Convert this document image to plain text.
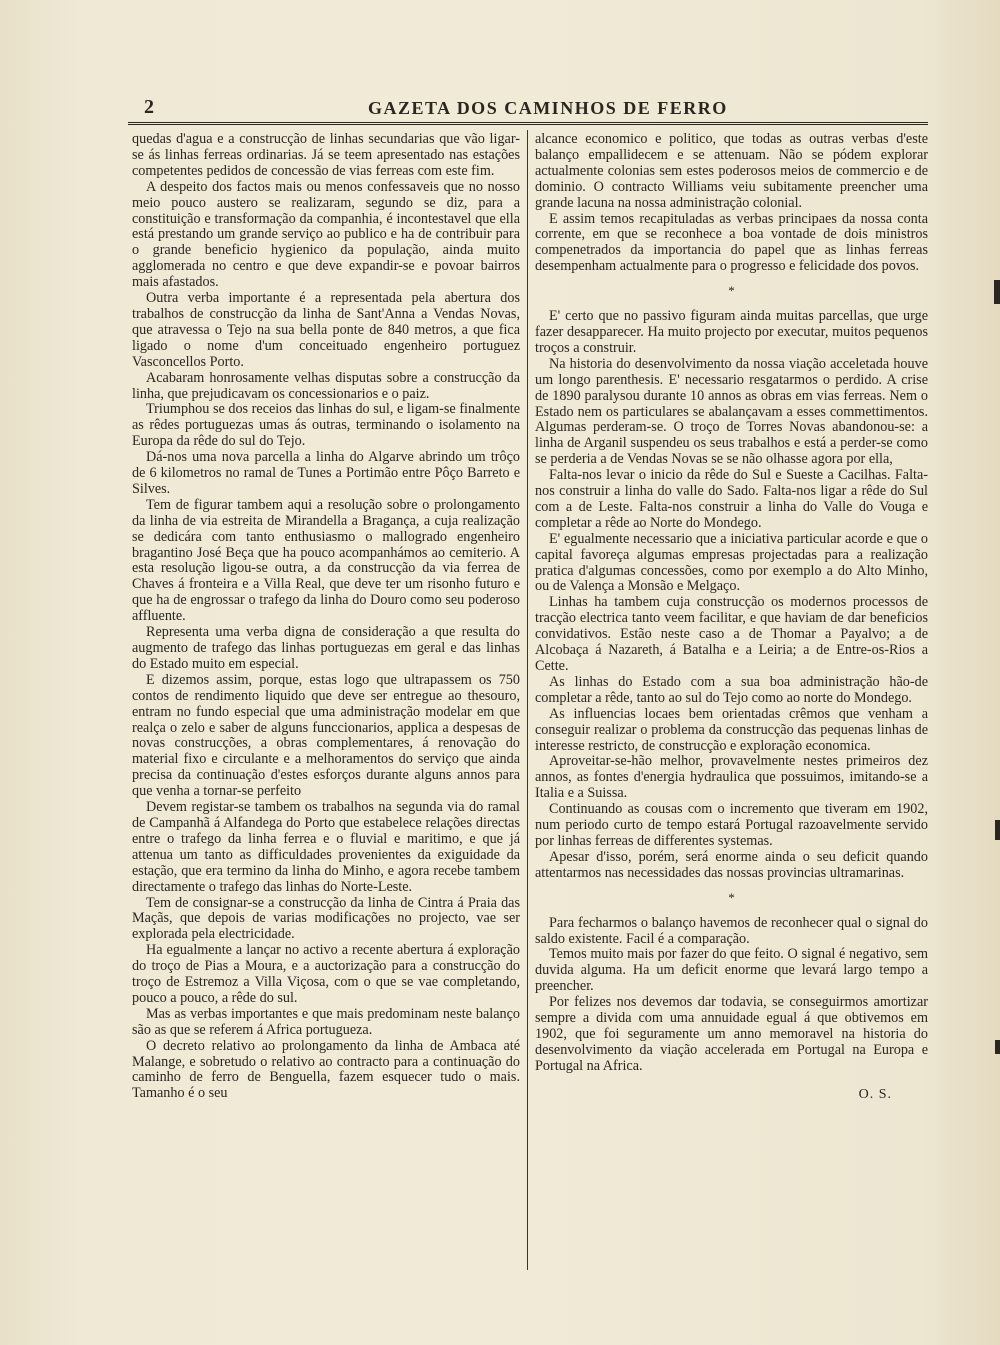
2	GAZETA DOS CAMINHOS DE FERRO

quedas d'agua e a construcção de linhas secundarias que vão ligar-se ás linhas ferreas ordinarias. Já se teem apresentado nas estações competentes pedidos de concessão de vias ferreas com este fim.

A despeito dos factos mais ou menos confessaveis que no nosso meio pouco austero se realizaram, segundo se diz, para a constituição e transformação da companhia, é incontestavel que ella está prestando um grande serviço ao publico e ha de contribuir para o grande beneficio hygienico da população, ainda muito agglomerada no centro e que deve expandir-se e povoar bairros mais afastados.

Outra verba importante é a representada pela abertura dos trabalhos de construcção da linha de Sant'Anna a Vendas Novas, que atravessa o Tejo na sua bella ponte de 840 metros, a que fica ligado o nome d'um conceituado engenheiro portuguez Vasconcellos Porto.

Acabaram honrosamente velhas disputas sobre a construcção da linha, que prejudicavam os concessionarios e o paiz.

Triumphou se dos receios das linhas do sul, e ligam-se finalmente as rêdes portuguezas umas ás outras, terminando o isolamento na Europa da rêde do sul do Tejo.

Dá-nos uma nova parcella a linha do Algarve abrindo um trôço de 6 kilometros no ramal de Tunes a Portimão entre Pôço Barreto e Silves.

Tem de figurar tambem aqui a resolução sobre o prolongamento da linha de via estreita de Mirandella a Bragança, a cuja realização se dedicára com tanto enthusiasmo o mallogrado engenheiro bragantino José Beça que ha pouco acompanhámos ao cemiterio. A esta resolução ligou-se outra, a da construcção da via ferrea de Chaves á fronteira e a Villa Real, que deve ter um risonho futuro e que ha de engrossar o trafego da linha do Douro como seu poderoso affluente.

Representa uma verba digna de consideração a que resulta do augmento de trafego das linhas portuguezas em geral e das linhas do Estado muito em especial.

E dizemos assim, porque, estas logo que ultrapassem os 750 contos de rendimento liquido que deve ser entregue ao thesouro, entram no fundo especial que uma administração modelar em que realça o zelo e saber de alguns funccionarios, applica a despesas de novas construcções, a obras complementares, á renovação do material fixo e circulante e a melhoramentos do serviço que ainda precisa da continuação d'estes esforços durante alguns annos para que venha a tornar-se perfeito

Devem registar-se tambem os trabalhos na segunda via do ramal de Campanhã á Alfandega do Porto que estabelece relações directas entre o trafego da linha ferrea e o fluvial e maritimo, e que já attenua um tanto as difficuldades provenientes da exiguidade da estação, que era termino da linha do Minho, e agora recebe tambem directamente o trafego das linhas do Norte-Leste.

Tem de consignar-se a construcção da linha de Cintra á Praia das Maçãs, que depois de varias modificações no projecto, vae ser explorada pela electricidade.

Ha egualmente a lançar no activo a recente abertura á exploração do troço de Pias a Moura, e a auctorização para a construcção do troço de Estremoz a Villa Viçosa, com o que se vae completando, pouco a pouco, a rêde do sul.

Mas as verbas importantes e que mais predominam neste balanço são as que se referem á Africa portugueza.

O decreto relativo ao prolongamento da linha de Ambaca até Malange, e sobretudo o relativo ao contracto para a continuação do caminho de ferro de Benguella, fazem esquecer tudo o mais. Tamanho é o seu

alcance economico e politico, que todas as outras verbas d'este balanço empallidecem e se attenuam. Não se pódem explorar actualmente colonias sem estes poderosos meios de commercio e de dominio. O contracto Williams veiu subitamente preencher uma grande lacuna na nossa administração colonial.

E assim temos recapituladas as verbas principaes da nossa conta corrente, em que se reconhece a boa vontade de dois ministros compenetrados da importancia do papel que as linhas ferreas desempenham actualmente para o progresso e felicidade dos povos.

*

E' certo que no passivo figuram ainda muitas parcellas, que urge fazer desapparecer. Ha muito projecto por executar, muitos pequenos troços a construir.

Na historia do desenvolvimento da nossa viação acceletada houve um longo parenthesis. E' necessario resgatarmos o perdido. A crise de 1890 paralysou durante 10 annos as obras em vias ferreas. Nem o Estado nem os particulares se abalançavam a esses commettimentos. Algumas perderam-se. O troço de Torres Novas abandonou-se: a linha de Arganil suspendeu os seus trabalhos e está a perder-se como se perderia a de Vendas Novas se se não olhasse agora por ella,

Falta-nos levar o inicio da rêde do Sul e Sueste a Cacilhas. Falta-nos construir a linha do valle do Sado. Falta-nos ligar a rêde do Sul com a de Leste. Falta-nos construir a linha do Valle do Vouga e completar a rêde ao Norte do Mondego.

E' egualmente necessario que a iniciativa particular acorde e que o capital favoreça algumas empresas projectadas para a realização pratica d'algumas concessões, como por exemplo a do Alto Minho, ou de Valença a Monsão e Melgaço.

Linhas ha tambem cuja construcção os modernos processos de tracção electrica tanto veem facilitar, e que haviam de dar beneficios convidativos. Estão neste caso a de Thomar a Payalvo; a de Alcobaça á Nazareth, á Batalha e a Leiria; a de Entre-os-Rios a Cette.

As linhas do Estado com a sua boa administração hão-de completar a rêde, tanto ao sul do Tejo como ao norte do Mondego.

As influencias locaes bem orientadas crêmos que venham a conseguir realizar o problema da construcção das pequenas linhas de interesse restricto, de construcção e exploração economica.

Aproveitar-se-hão melhor, provavelmente nestes primeiros dez annos, as fontes d'energia hydraulica que possuimos, imitando-se a Italia e a Suissa.

Continuando as cousas com o incremento que tiveram em 1902, num periodo curto de tempo estará Portugal razoavelmente servido por linhas ferreas de differentes systemas.

Apesar d'isso, porém, será enorme ainda o seu deficit quando attentarmos nas necessidades das nossas provincias ultramarinas.

*

Para fecharmos o balanço havemos de reconhecer qual o signal do saldo existente. Facil é a comparação.

Temos muito mais por fazer do que feito. O signal é negativo, sem duvida alguma. Ha um deficit enorme que levará largo tempo a preencher.

Por felizes nos devemos dar todavia, se conseguirmos amortizar sempre a divida com uma annuidade egual á que obtivemos em 1902, que foi seguramente um anno memoravel na historia do desenvolvimento da viação accelerada em Portugal na Europa e Portugal na Africa.

O. S.
